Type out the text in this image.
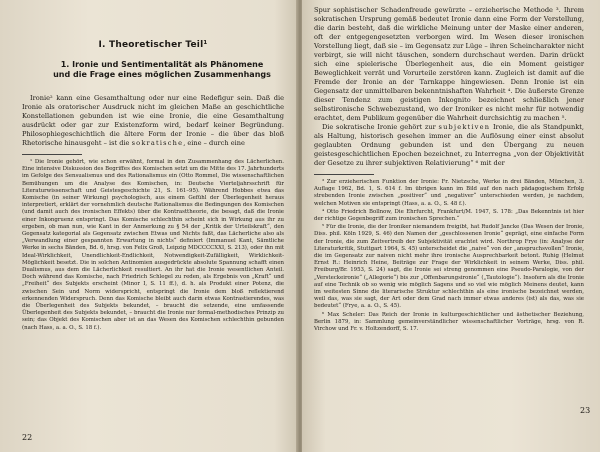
I. Theoretischer Teil¹
1. Ironie und Sentimentalität als Phänomene
und die Frage eines möglichen Zusammenhangs

Ironie² kann eine Gesamthaltung oder nur eine Redefigur sein. Daß die Ironie als oratorischer Ausdruck nicht im gleichen Maße an geschichtliche Konstellationen gebunden ist wie eine Ironie, die eine Gesamthaltung ausdrückt oder gar zur Existenzform wird, bedarf keiner Begründung. Philosophiegeschichtlich die ältere Form der Ironie – die über das bloß Rhetorische hinausgeht – ist die sokratische, eine – durch eine

¹ Die Ironie gehört, wie schon erwähnt, formal in den Zusammenhang des Lächerlichen. Eine intensive Diskussion des Begriffes des Komischen setzt um die Mitte des 17. Jahrhunderts im Gefolge des Sensualismus und des Rationalismus ein (Otto Rommel, Die wissenschaftlichen Bemühungen um die Analyse des Komischen, in: Deutsche Vierteljahrsschrift für Literaturwissenschaft und Geistesgeschichte 21, S. 161–95). Während Hobbes etwa das Komische (in seiner Wirkung) psychologisch, aus einem Gefühl der Überlegenheit heraus interpretiert, erklärt der vornehmlich deutsche Rationalismus die Bedingungen des Komischen (und damit auch des ironischen Effekts) über die Kontrasttheorie, die besagt, daß die Ironie einer Inkongruenz entspringt. Das Komische schlechthin scheint sich in Wirkung aus ihr zu ergeben, ob man nun, wie Kant in der Anmerkung zu § 54 der „Kritik der Urteilskraft“, den Gegensatz kategorial als Gegensatz zwischen Etwas und Nichts faßt, das Lächerliche also als „Verwandlung einer gespannten Erwartung in nichts“ definiert (Immanuel Kant, Sämtliche Werke in sechs Bänden, Bd. 6, hrsg. von Felix Groß, Leipzig MDCCCCXXI, S. 213), oder ihn mit Ideal-Wirklichkeit, Unendlichkeit-Endlichkeit, Notwendigkeit-Zufälligkeit, Wirklichkeit-Möglichkeit besetzt. Die in solchen Antinomien ausgedrückte absolute Spannung schafft einen Dualismus, aus dem die Lächerlichkeit resultiert. An ihr hat die Ironie wesentlichen Anteil. Doch während das Komische, nach Friedrich Schlegel zu reden, als Ergebnis von „Kraft“ und „Freiheit“ des Subjekts erscheint (Minor I, S. 11 ff.), d. h. als Produkt einer Potenz, die zwischen Sein und Norm widerspricht, entspringt die Ironie dem bloß reflektierend erkennenden Widerspruch. Denn das Komische bleibt auch darin etwas Kontrastierendes, was die Überlegenheit des Subjekts bekundet, – braucht die setzende, eine umfassende Überlegenheit des Subjekts bekundet, – braucht die Ironie nur formal-methodisches Prinzip zu sein; das Objekt des Komischen aber ist an das Wesen des Komischen schlechthin gebunden (nach Hass, a. a. O., S. 18 f.).

22

Spur sophistischer Schadenfreude gewürzte – erzieherische Methode ³. Ihrem sokratischen Ursprung gemäß bedeutet Ironie dann eine Form der Verstellung, die darin besteht, daß die wirkliche Meinung unter der Maske einer anderen, oft der entgegengesetzten verborgen wird. Im Wesen dieser ironischen Vorstellung liegt, daß sie – im Gegensatz zur Lüge – ihren Scheincharakter nicht verbirgt, sie will nicht täuschen, sondern durchschaut werden. Darin drückt sich eine spielerische Überlegenheit aus, die ein Moment geistiger Beweglichkeit verrät und Vorurteile zerstören kann. Zugleich ist damit auf die Fremde der Ironie an der Tarnkappe hingewiesen. Denn Ironie ist ein Gegensatz der unmittelbaren bekenntnishaften Wahrheit ⁴. Die äußerste Grenze dieser Tendenz zum geistigen Inkognito bezeichnet schließlich jener selbstironische Schwebezustand, wo der Ironiker es nicht mehr für notwendig erachtet, dem Publikum gegenüber die Wahrheit durchsichtig zu machen ⁵.

Die sokratische Ironie gehört zur subjektiven Ironie, die als Standpunkt, als Haltung, historisch gesehen immer an die Auflösung einer einst absolut geglaubten Ordnung gebunden ist und den Übergang zu neuen geistesgeschichtlichen Epochen bezeichnet, zu Interregna „von der Objektivität der Gesetze zu ihrer subjektiven Relativierung“ ⁶ mit der

³ Zur erzieherischen Funktion der Ironie: Fr. Nietzsche, Werke in drei Bänden, München, 3. Auflage 1962, Bd. 1, S. 614 f. Im übrigen kann im Bild auf den nach pädagogischem Erfolg strebenden Ironie zwischen „positiver“ und „negativer“ unterschieden werden, je nachdem, welchen Motiven sie entspringt (Hass, a. a. O., S. 48 f.).

⁴ Otto Friedrich Bollnow, Die Ehrfurcht, Frankfurt/M. 1947, S. 178: „Das Bekenntnis ist hier der richtige Gegenbegriff zum ironischen Sprechen.“

⁵ Für die Ironie, die der Ironiker niemandem freigibt, hat Rudolf Jancke (Das Wesen der Ironie, Diss. phil. Köln 1929, S. 46) den Namen der „geschlossenen Ironie“ geprägt, eine einfache Form der Ironie, die zum Zeitvertreib der Subjektivität erachtet wird. Northrop Frye (in: Analyse der Literaturkritik, Stuttgart 1964, S. 45) unterscheidet die „naive“ von der „anspruchsvollen“ Ironie, die im Gegensatz zur naiven nicht mehr ihre ironische Ausprechbarkeit betont. Ruhig (Helmut Ernst R.: Heinrich Heine, Beiträge zur Frage der Wirklichkeit in seinem Werke, Diss. phil. Freiburg/Br. 1953, S. 24) sagt, die Ironie sei streng genommen eine Pseudo-Paralogie, von der „Versteckeironie“ („Allegorie“) bis zur „Offenbarungsironie“ („Tautologie“). Insofern als die Ironie auf eine Technik ob so wenig wie möglich Sagens und so viel wie möglich Meinens deutet, kann im weitesten Sinne die literarische Struktur schlechthin als eine ironische bezeichnet werden, weil das, was sie sagt, der Art oder dem Grad nach immer etwas anderes (ist) als das, was sie bedeutet“ (Frye, a. a. O., S. 45).

⁶ Max Scheler: Das Reich der Ironie in kulturgeschichtlicher und ästhetischer Beziehung, Berlin 1879, in: Sammlung gemeinverständlicher wissenschaftlicher Vorträge, hrsg. von R. Virchow und Fr. v. Holtzendorff, S. 17.

23
